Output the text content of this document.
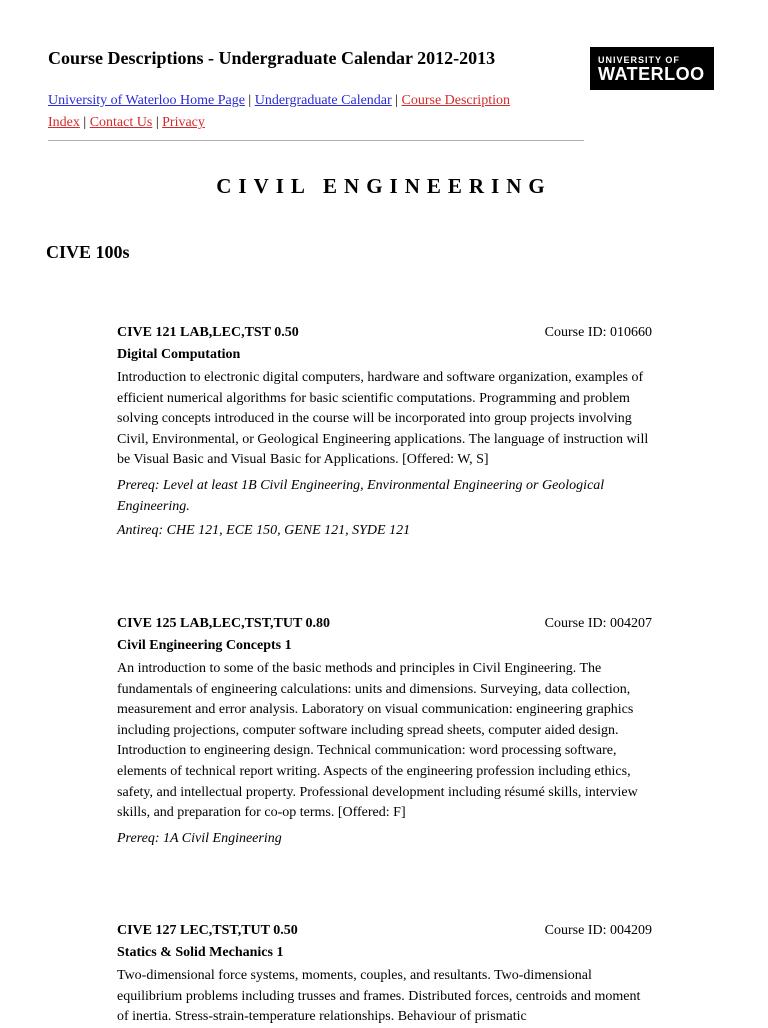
Course Descriptions - Undergraduate Calendar 2012-2013	UNIVERSITY OF
WATERLOO
University of Waterloo Home Page | Undergraduate Calendar | Course Description
Index | Contact Us | Privacy
CIVIL ENGINEERING
CIVE 100s
CIVE 121 LAB,LEC,TST 0.50	Course ID: 010660
Digital Computation

Introduction to electronic digital computers, hardware and software organization, examples of efficient numerical algorithms for basic scientific computations. Programming and problem solving concepts introduced in the course will be incorporated into group projects involving Civil, Environmental, or Geological Engineering applications. The language of instruction will be Visual Basic and Visual Basic for Applications. [Offered: W, S]

Prereq: Level at least 1B Civil Engineering, Environmental Engineering or Geological Engineering.

Antireq: CHE 121, ECE 150, GENE 121, SYDE 121

CIVE 125 LAB,LEC,TST,TUT 0.80	Course ID: 004207
Civil Engineering Concepts 1

An introduction to some of the basic methods and principles in Civil Engineering. The fundamentals of engineering calculations: units and dimensions. Surveying, data collection, measurement and error analysis. Laboratory on visual communication: engineering graphics including projections, computer software including spread sheets, computer aided design. Introduction to engineering design. Technical communication: word processing software, elements of technical report writing. Aspects of the engineering profession including ethics, safety, and intellectual property. Professional development including résumé skills, interview skills, and preparation for co-op terms. [Offered: F]

Prereq: 1A Civil Engineering

CIVE 127 LEC,TST,TUT 0.50	Course ID: 004209
Statics & Solid Mechanics 1

Two-dimensional force systems, moments, couples, and resultants. Two-dimensional equilibrium problems including trusses and frames. Distributed forces, centroids and moment of inertia. Stress-strain-temperature relationships. Behaviour of prismatic
